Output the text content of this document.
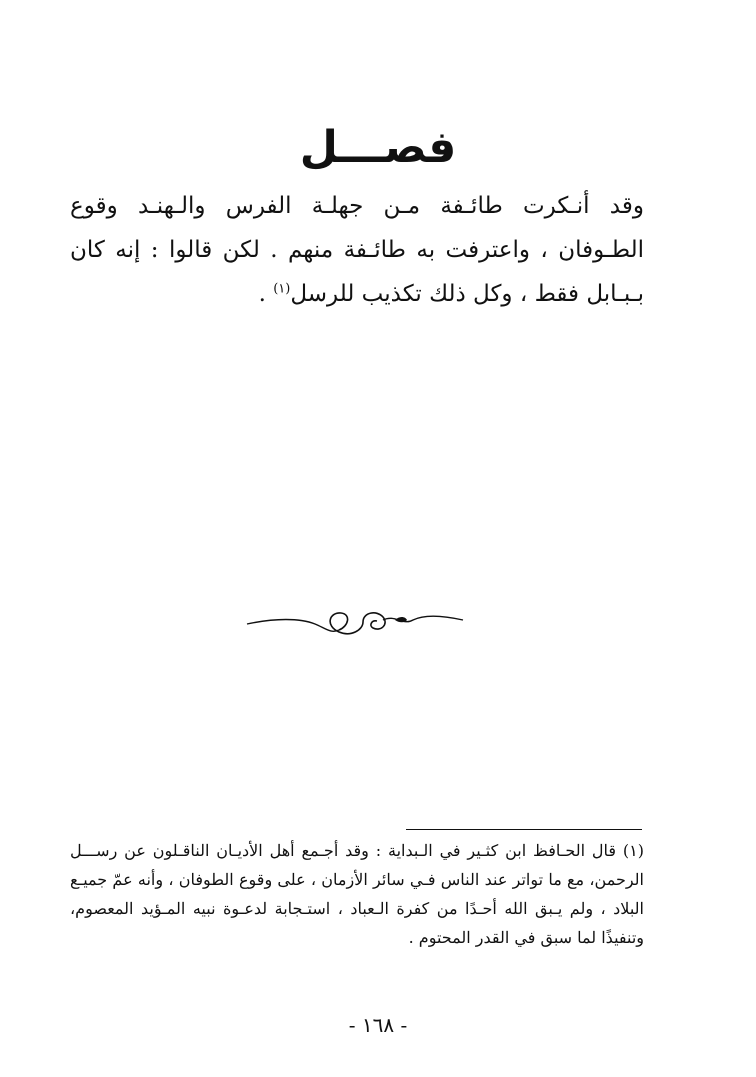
فصـــل

وقد أنـكرت طائـفة مـن جهلـة الفرس والـهنـد وقوع الطـوفان ، واعترفت به طائـفة منهم . لكن قالوا : إنه كان بـبـابل فقط ، وكل ذلك تكذيب للرسل$^{(١)}$ .

(١) قال الحـافظ ابن كثـير في الـبداية : وقد أجـمع أهل الأديـان الناقـلون عن رســـل الرحمن، مع ما تواتر عند الناس فـي سائر الأزمان ، على وقوع الطوفان ، وأنه عمّ جميـع البلاد ، ولم يـبق الله أحـدًا من كفرة الـعباد ، استـجابة لدعـوة نبيه المـؤيد المعصوم، وتنفيذًا لما سبق في القدر المحتوم .

- ١٦٨ -
